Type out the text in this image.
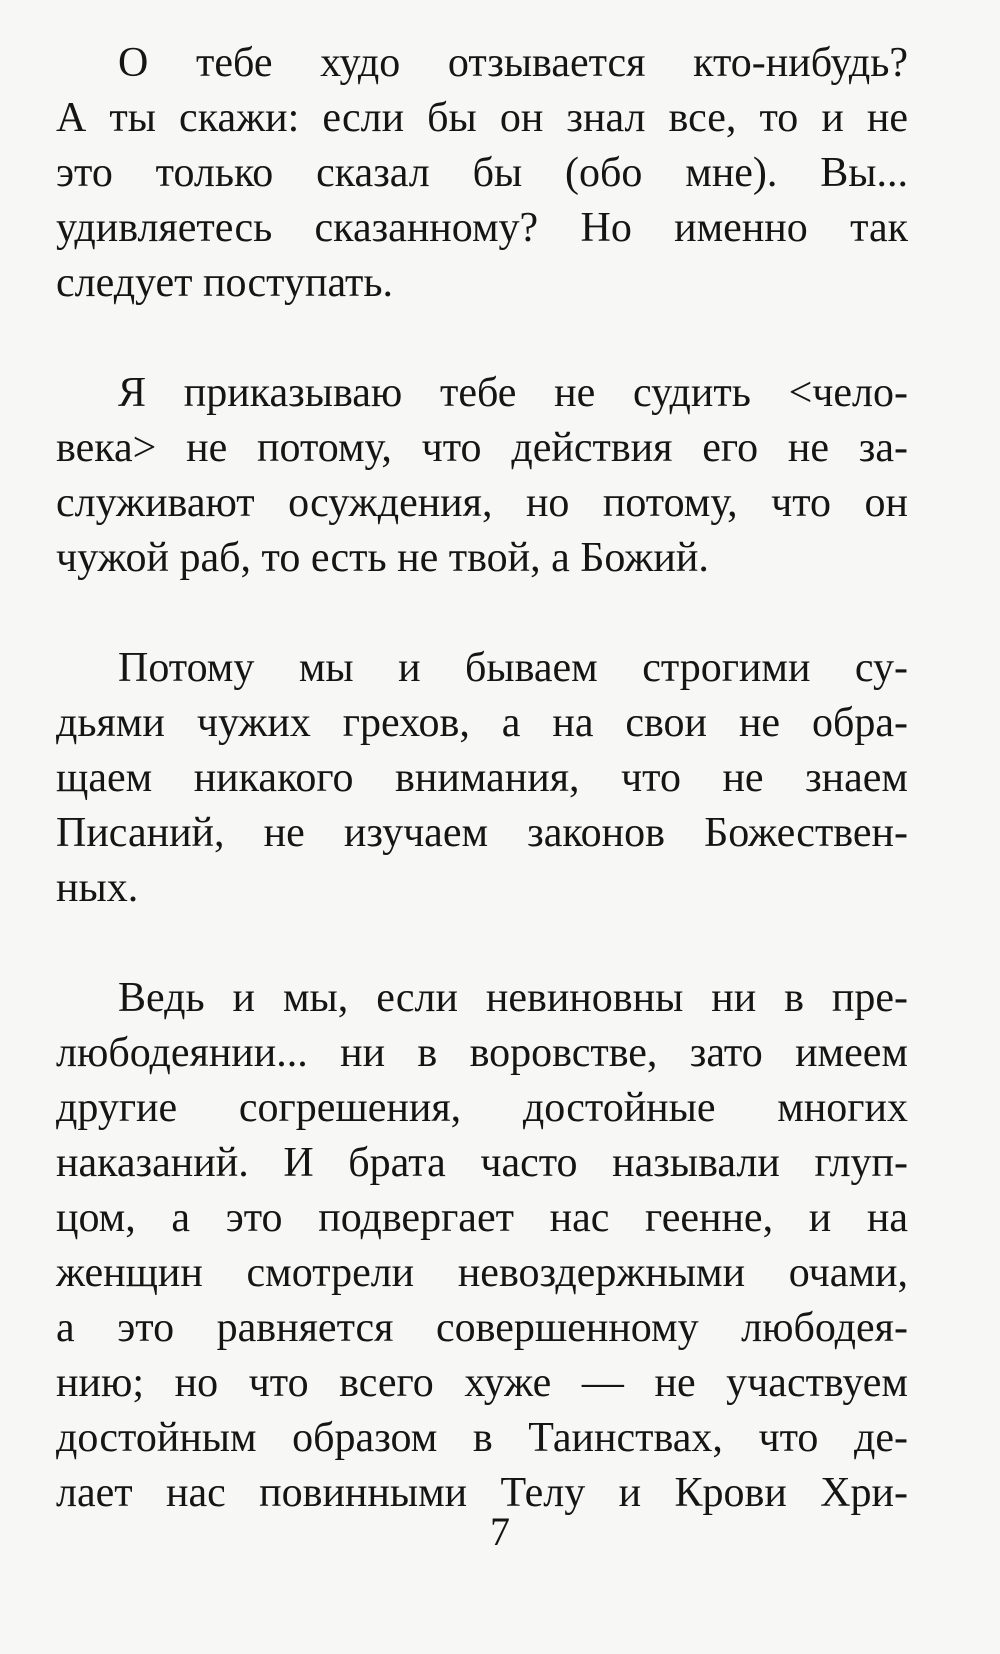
О тебе худо отзывается кто-нибудь?
А ты скажи: если бы он знал все, то и не
это только сказал бы (обо мне). Вы...
удивляетесь сказанному? Но именно так
следует поступать.
Я приказываю тебе не судить <чело-
века> не потому, что действия его не за-
служивают осуждения, но потому, что он
чужой раб, то есть не твой, а Божий.
Потому мы и бываем строгими су-
дьями чужих грехов, а на свои не обра-
щаем никакого внимания, что не знаем
Писаний, не изучаем законов Божествен-
ных.
Ведь и мы, если невиновны ни в пре-
любодеянии... ни в воровстве, зато имеем
другие согрешения, достойные многих
наказаний. И брата часто называли глуп-
цом, а это подвергает нас геенне, и на
женщин смотрели невоздержными очами,
а это равняется совершенному любодея-
нию; но что всего хуже — не участвуем
достойным образом в Таинствах, что де-
лает нас повинными Телу и Крови Хри-
7
